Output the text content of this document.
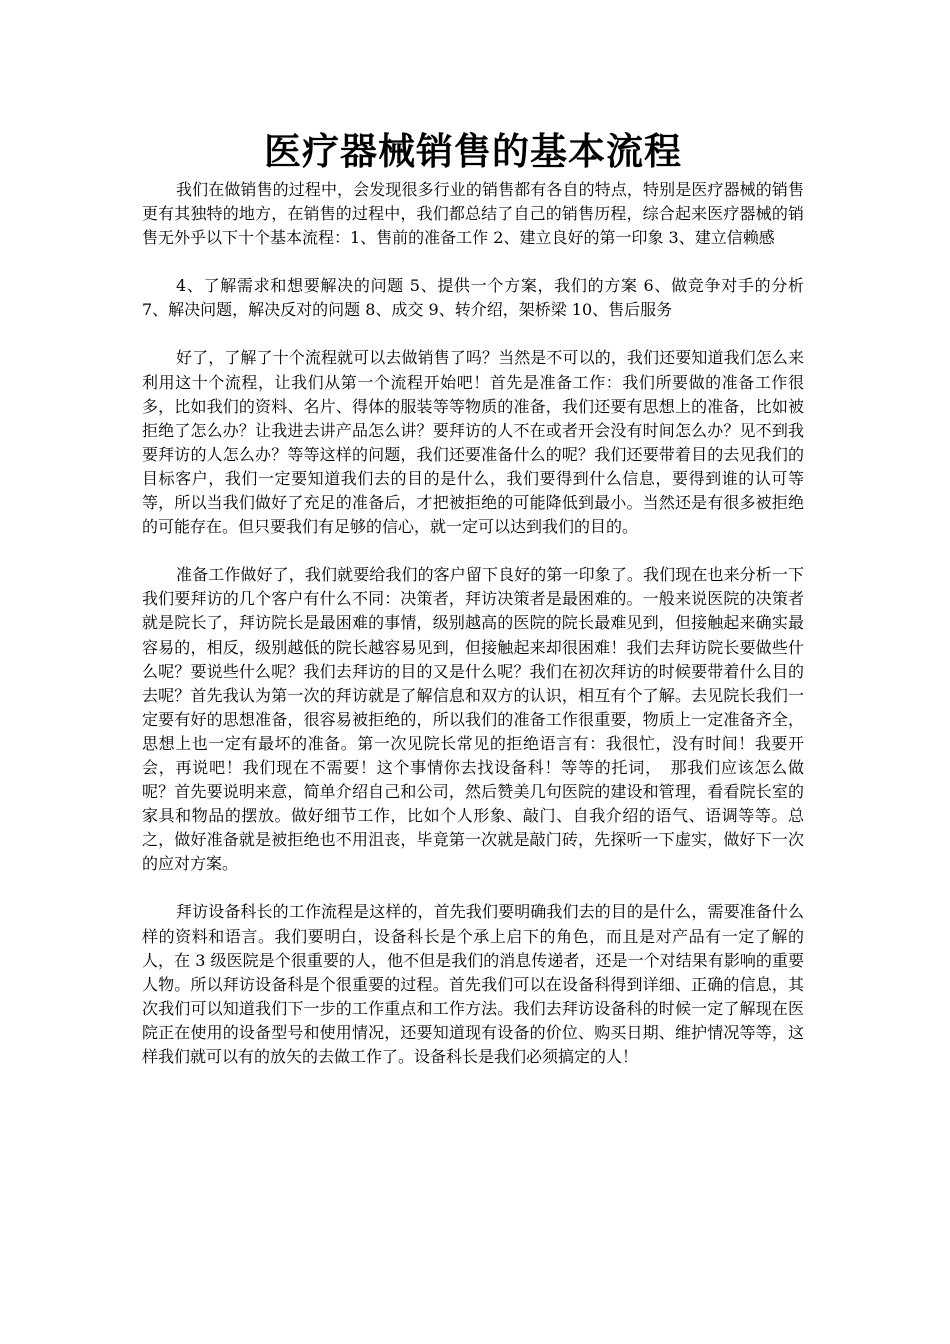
医疗器械销售的基本流程

我们在做销售的过程中，会发现很多行业的销售都有各自的特点，特别是医疗器械的销售更有其独特的地方，在销售的过程中，我们都总结了自己的销售历程，综合起来医疗器械的销售无外乎以下十个基本流程：1、售前的准备工作 2、建立良好的第一印象 3、建立信赖感

4、了解需求和想要解决的问题 5、提供一个方案，我们的方案 6、做竞争对手的分析 7、解决问题，解决反对的问题 8、成交 9、转介绍，架桥梁 10、售后服务

好了，了解了十个流程就可以去做销售了吗？当然是不可以的，我们还要知道我们怎么来利用这十个流程，让我们从第一个流程开始吧！首先是准备工作：我们所要做的准备工作很多，比如我们的资料、名片、得体的服装等等物质的准备，我们还要有思想上的准备，比如被拒绝了怎么办？让我进去讲产品怎么讲？要拜访的人不在或者开会没有时间怎么办？见不到我要拜访的人怎么办？等等这样的问题，我们还要准备什么的呢？我们还要带着目的去见我们的目标客户，我们一定要知道我们去的目的是什么，我们要得到什么信息，要得到谁的认可等等，所以当我们做好了充足的准备后，才把被拒绝的可能降低到最小。当然还是有很多被拒绝的可能存在。但只要我们有足够的信心，就一定可以达到我们的目的。

准备工作做好了，我们就要给我们的客户留下良好的第一印象了。我们现在也来分析一下我们要拜访的几个客户有什么不同：决策者，拜访决策者是最困难的。一般来说医院的决策者就是院长了，拜访院长是最困难的事情，级别越高的医院的院长最难见到，但接触起来确实最容易的，相反，级别越低的院长越容易见到，但接触起来却很困难！我们去拜访院长要做些什么呢？要说些什么呢？我们去拜访的目的又是什么呢？我们在初次拜访的时候要带着什么目的去呢？首先我认为第一次的拜访就是了解信息和双方的认识，相互有个了解。去见院长我们一定要有好的思想准备，很容易被拒绝的，所以我们的准备工作很重要，物质上一定准备齐全，思想上也一定有最坏的准备。第一次见院长常见的拒绝语言有：我很忙，没有时间！我要开会，再说吧！我们现在不需要！这个事情你去找设备科！等等的托词，　那我们应该怎么做呢？首先要说明来意，简单介绍自己和公司，然后赞美几句医院的建设和管理，看看院长室的家具和物品的摆放。做好细节工作，比如个人形象、敲门、自我介绍的语气、语调等等。总之，做好准备就是被拒绝也不用沮丧，毕竟第一次就是敲门砖，先探听一下虚实，做好下一次的应对方案。

拜访设备科长的工作流程是这样的，首先我们要明确我们去的目的是什么，需要准备什么样的资料和语言。我们要明白，设备科长是个承上启下的角色，而且是对产品有一定了解的人，在 3 级医院是个很重要的人，他不但是我们的消息传递者，还是一个对结果有影响的重要人物。所以拜访设备科是个很重要的过程。首先我们可以在设备科得到详细、正确的信息，其次我们可以知道我们下一步的工作重点和工作方法。我们去拜访设备科的时候一定了解现在医院正在使用的设备型号和使用情况，还要知道现有设备的价位、购买日期、维护情况等等，这样我们就可以有的放矢的去做工作了。设备科长是我们必须搞定的人！
